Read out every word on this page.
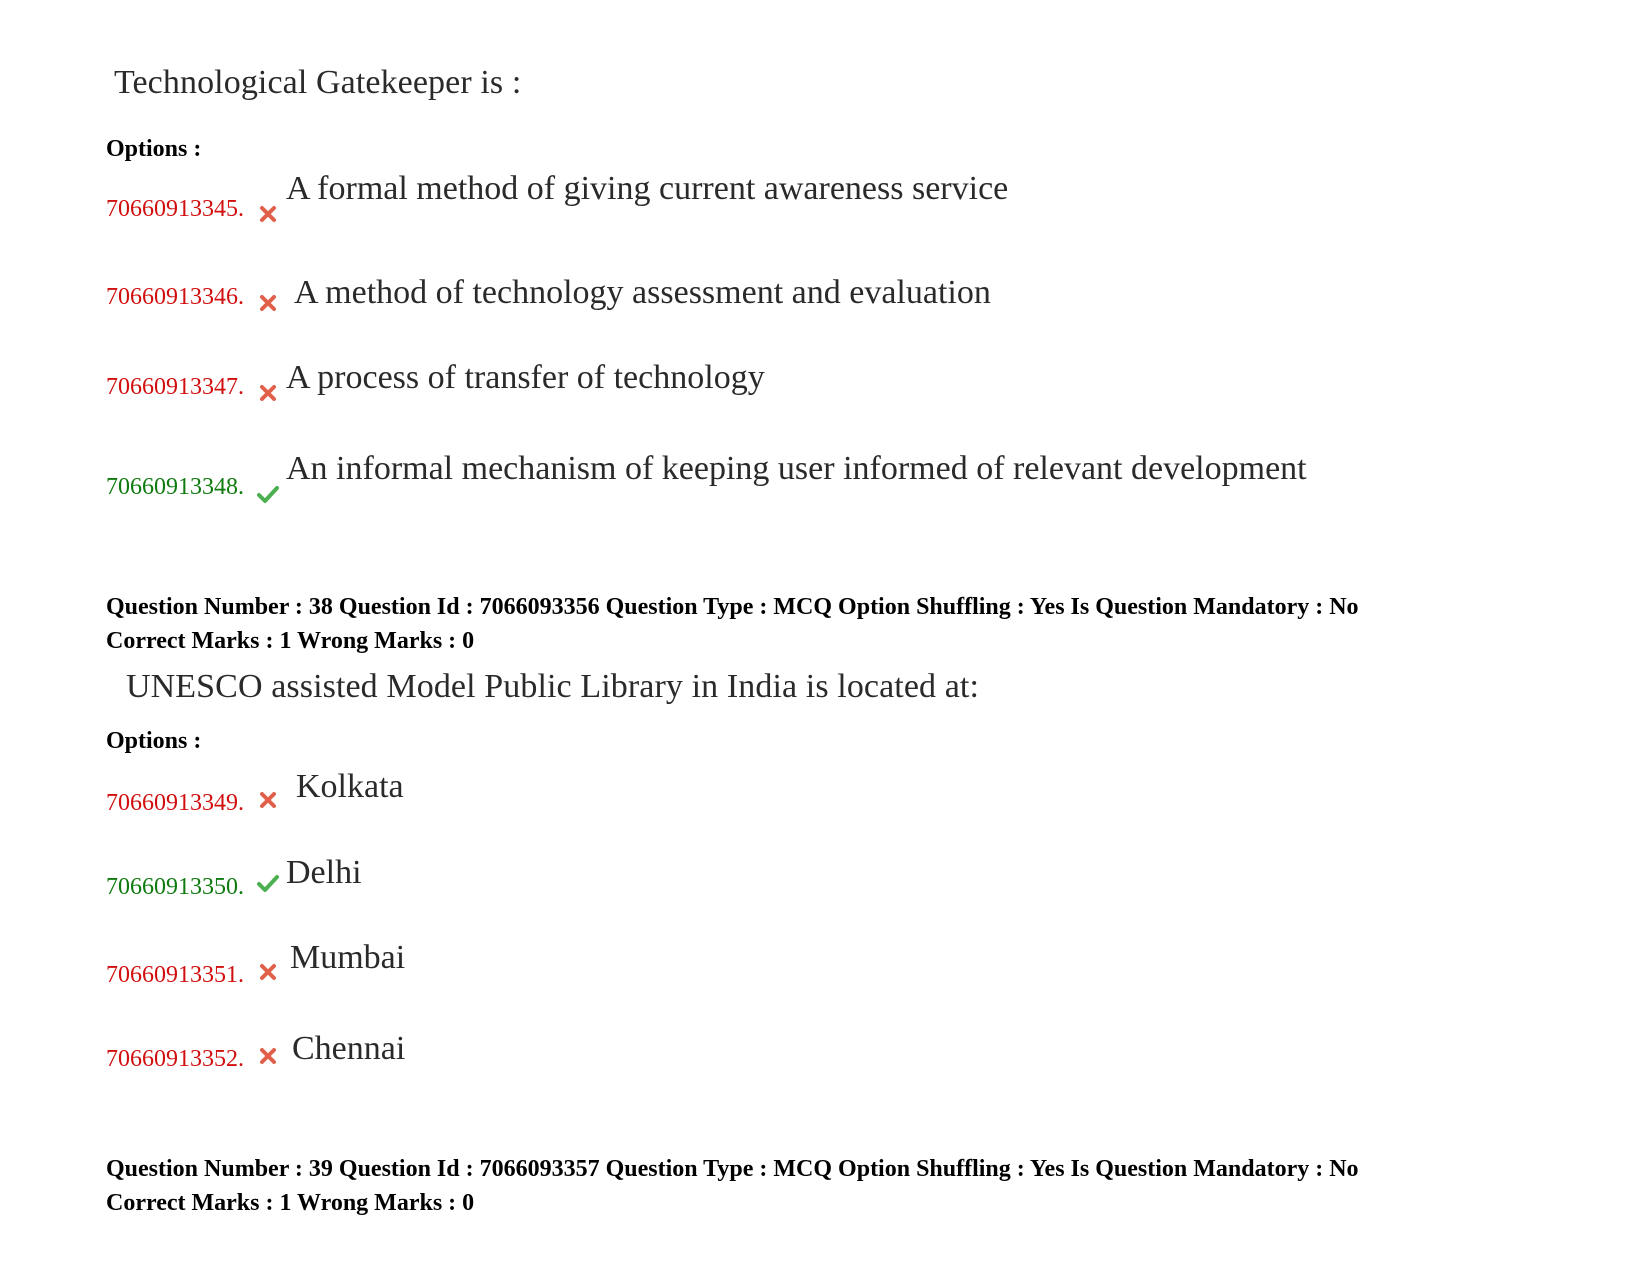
Technological Gatekeeper is :
Options :
70660913345.
A formal method of giving current awareness service
70660913346. A method of technology assessment and evaluation
70660913347. A process of transfer of technology
70660913348. An informal mechanism of keeping user informed of relevant development
Question Number : 38 Question Id : 7066093356 Question Type : MCQ Option Shuffling : Yes Is Question Mandatory : No
Correct Marks : 1 Wrong Marks : 0
UNESCO assisted Model Public Library in India is located at:
Options :
70660913349. Kolkata
70660913350. Delhi
70660913351. Mumbai
70660913352. Chennai
Question Number : 39 Question Id : 7066093357 Question Type : MCQ Option Shuffling : Yes Is Question Mandatory : No
Correct Marks : 1 Wrong Marks : 0
